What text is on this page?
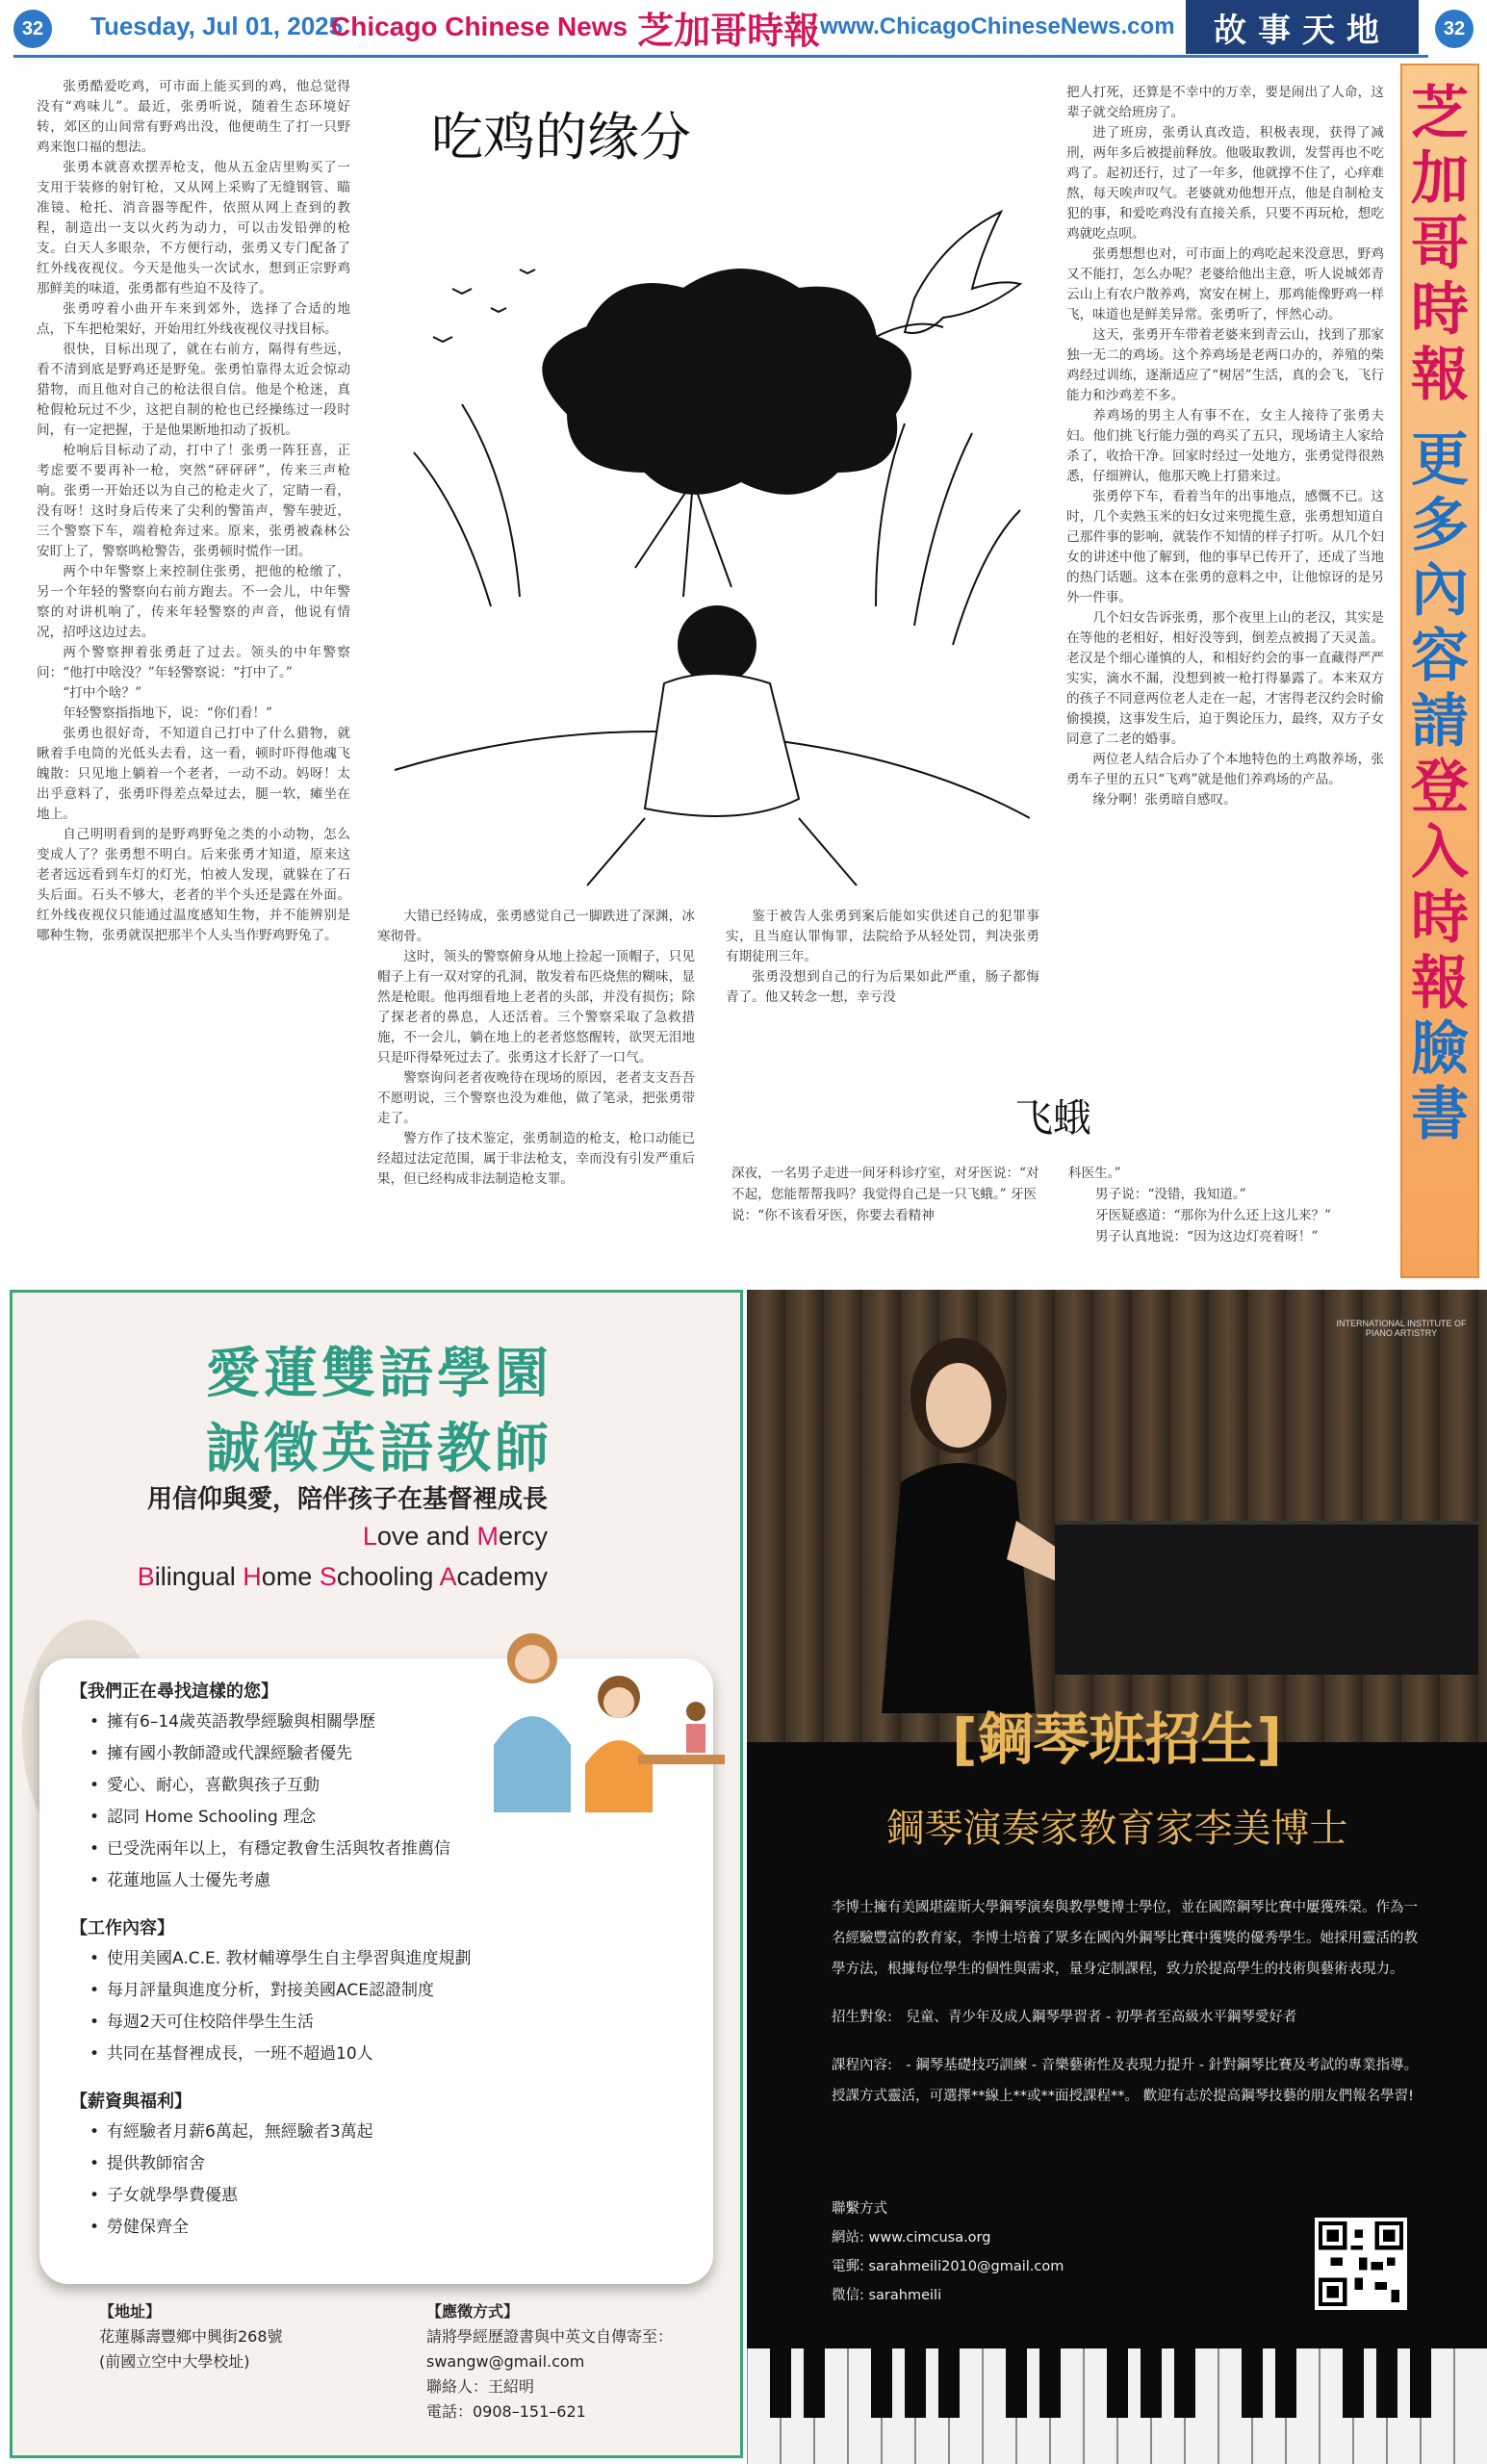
32	Tuesday, Jul 01, 2025
Chicago Chinese News 芝加哥時報 www.ChicagoChineseNews.com	故事天地	32
吃鸡的缘分

张勇酷爱吃鸡，可市面上能买到的鸡，他总觉得没有“鸡味儿”。最近，张勇听说，随着生态环境好转，郊区的山间常有野鸡出没，他便萌生了打一只野鸡来饱口福的想法。

张勇本就喜欢摆弄枪支，他从五金店里购买了一支用于装修的射钉枪，又从网上采购了无缝钢管、瞄准镜、枪托、消音器等配件，依照从网上查到的教程，制造出一支以火药为动力，可以击发铅弹的枪支。白天人多眼杂，不方便行动，张勇又专门配备了红外线夜视仪。今天是他头一次试水，想到正宗野鸡那鲜美的味道，张勇都有些迫不及待了。

张勇哼着小曲开车来到郊外，选择了合适的地点，下车把枪架好，开始用红外线夜视仪寻找目标。

很快，目标出现了，就在右前方，隔得有些远，看不清到底是野鸡还是野兔。张勇怕靠得太近会惊动猎物，而且他对自己的枪法很自信。他是个枪迷，真枪假枪玩过不少，这把自制的枪也已经操练过一段时间，有一定把握，于是他果断地扣动了扳机。

枪响后目标动了动，打中了！张勇一阵狂喜，正考虑要不要再补一枪，突然“砰砰砰”，传来三声枪响。张勇一开始还以为自己的枪走火了，定睛一看，没有呀！这时身后传来了尖利的警笛声，警车驶近，三个警察下车，端着枪奔过来。原来，张勇被森林公安盯上了，警察鸣枪警告，张勇顿时慌作一团。

两个中年警察上来控制住张勇，把他的枪缴了，另一个年轻的警察向右前方跑去。不一会儿，中年警察的对讲机响了，传来年轻警察的声音，他说有情况，招呼这边过去。

两个警察押着张勇赶了过去。领头的中年警察问：“他打中啥没？”年轻警察说：“打中了。”

“打中个啥？”

年轻警察指指地下，说：“你们看！”

张勇也很好奇，不知道自己打中了什么猎物，就瞅着手电筒的光低头去看，这一看，顿时吓得他魂飞魄散：只见地上躺着一个老者，一动不动。妈呀！太出乎意料了，张勇吓得差点晕过去，腿一软，瘫坐在地上。

自己明明看到的是野鸡野兔之类的小动物，怎么变成人了？张勇想不明白。后来张勇才知道，原来这老者远远看到车灯的灯光，怕被人发现，就躲在了石头后面。石头不够大，老者的半个头还是露在外面。红外线夜视仪只能通过温度感知生物，并不能辨别是哪种生物，张勇就误把那半个人头当作野鸡野兔了。

大错已经铸成，张勇感觉自己一脚跌进了深渊，冰寒彻骨。

这时，领头的警察俯身从地上捡起一顶帽子，只见帽子上有一双对穿的孔洞，散发着布匹烧焦的糊味，显然是枪眼。他再细看地上老者的头部，并没有损伤；除了探老者的鼻息，人还活着。三个警察采取了急救措施，不一会儿，躺在地上的老者悠悠醒转，欲哭无泪地只是吓得晕死过去了。张勇这才长舒了一口气。

警察询问老者夜晚待在现场的原因，老者支支吾吾不愿明说，三个警察也没为难他，做了笔录，把张勇带走了。

警方作了技术鉴定，张勇制造的枪支，枪口动能已经超过法定范围，属于非法枪支，幸而没有引发严重后果，但已经构成非法制造枪支罪。

鉴于被告人张勇到案后能如实供述自己的犯罪事实，且当庭认罪悔罪，法院给予从轻处罚，判决张勇有期徒刑三年。

张勇没想到自己的行为后果如此严重，肠子都悔青了。他又转念一想，幸亏没

把人打死，还算是不幸中的万幸，要是闹出了人命，这辈子就交给班房了。

进了班房，张勇认真改造，积极表现，获得了减刑，两年多后被提前释放。他吸取教训，发誓再也不吃鸡了。起初还行，过了一年多，他就撑不住了，心痒难熬，每天唉声叹气。老婆就劝他想开点，他是自制枪支犯的事，和爱吃鸡没有直接关系，只要不再玩枪，想吃鸡就吃点呗。

张勇想想也对，可市面上的鸡吃起来没意思，野鸡又不能打，怎么办呢？老婆给他出主意，听人说城郊青云山上有农户散养鸡，窝安在树上，那鸡能像野鸡一样飞，味道也是鲜美异常。张勇听了，怦然心动。

这天，张勇开车带着老婆来到青云山，找到了那家独一无二的鸡场。这个养鸡场是老两口办的，养殖的柴鸡经过训练，逐渐适应了“树居”生活，真的会飞，飞行能力和沙鸡差不多。

养鸡场的男主人有事不在，女主人接待了张勇夫妇。他们挑飞行能力强的鸡买了五只，现场请主人家给杀了，收拾干净。回家时经过一处地方，张勇觉得很熟悉，仔细辨认，他那天晚上打猎来过。

张勇停下车，看着当年的出事地点，感慨不已。这时，几个卖熟玉米的妇女过来兜揽生意，张勇想知道自己那件事的影响，就装作不知情的样子打听。从几个妇女的讲述中他了解到，他的事早已传开了，还成了当地的热门话题。这本在张勇的意料之中，让他惊讶的是另外一件事。

几个妇女告诉张勇，那个夜里上山的老汉，其实是在等他的老相好，相好没等到，倒差点被揭了天灵盖。老汉是个细心谨慎的人，和相好约会的事一直藏得严严实实，滴水不漏，没想到被一枪打得暴露了。本来双方的孩子不同意两位老人走在一起，才害得老汉约会时偷偷摸摸，这事发生后，迫于舆论压力，最终，双方子女同意了二老的婚事。

两位老人结合后办了个本地特色的土鸡散养场，张勇车子里的五只“飞鸡”就是他们养鸡场的产品。

缘分啊！张勇暗自感叹。

飞蛾
深夜，一名男子走进一间牙科诊疗室，对牙医说：“对不起，您能帮帮我吗？我觉得自己是一只飞蛾。” 牙医说：“你不该看牙医，你要去看精神
科医生。”
男子说：“没错，我知道。”
牙医疑惑道：“那你为什么还上这儿来？”
男子认真地说：“因为这边灯亮着呀！”
芝
加
哥
時
報
更
多
內
容
請
登
入
時
報
臉
書
愛蓮雙語學園
誠徵英語教師
用信仰與愛，陪伴孩子在基督裡成長
Love and Mercy
Bilingual Home Schooling Academy
【我們正在尋找這樣的您】
• 擁有6–14歲英語教學經驗與相關學歷
• 擁有國小教師證或代課經驗者優先
• 愛心、耐心，喜歡與孩子互動
• 認同 Home Schooling 理念
• 已受洗兩年以上，有穩定教會生活與牧者推薦信
• 花蓮地區人士優先考慮
【工作內容】
• 使用美國A.C.E. 教材輔導學生自主學習與進度規劃
• 每月評量與進度分析，對接美國ACE認證制度
• 每週2天可住校陪伴學生生活
• 共同在基督裡成長，一班不超過10人
【薪資與福利】
• 有經驗者月薪6萬起，無經驗者3萬起
• 提供教師宿舍
• 子女就學學費優惠
• 勞健保齊全
【地址】
花蓮縣壽豐鄉中興街268號
(前國立空中大學校址)
【應徵方式】
請將學經歷證書與中英文自傳寄至：
swangw@gmail.com
聯絡人：王紹明
電話：0908–151–621
INTERNATIONAL INSTITUTE OF PIANO ARTISTRY
[鋼琴班招生]
鋼琴演奏家教育家李美博士

李博士擁有美國堪薩斯大學鋼琴演奏與教學雙博士學位，並在國際鋼琴比賽中屢獲殊榮。作為一名經驗豐富的教育家，李博士培養了眾多在國內外鋼琴比賽中獲獎的優秀學生。她採用靈活的教學方法，根據每位學生的個性與需求，量身定制課程，致力於提高學生的技術與藝術表現力。

招生對象:　兒童、青少年及成人鋼琴學習者 - 初學者至高級水平鋼琴愛好者

課程內容:　- 鋼琴基礎技巧訓練 - 音樂藝術性及表現力提升 - 針對鋼琴比賽及考試的專業指導。 授課方式靈活，可選擇**線上**或**面授課程**。 歡迎有志於提高鋼琴技藝的朋友們報名學習!

聯繫方式
網站: www.cimcusa.org
電郵: sarahmeili2010@gmail.com
微信: sarahmeili
